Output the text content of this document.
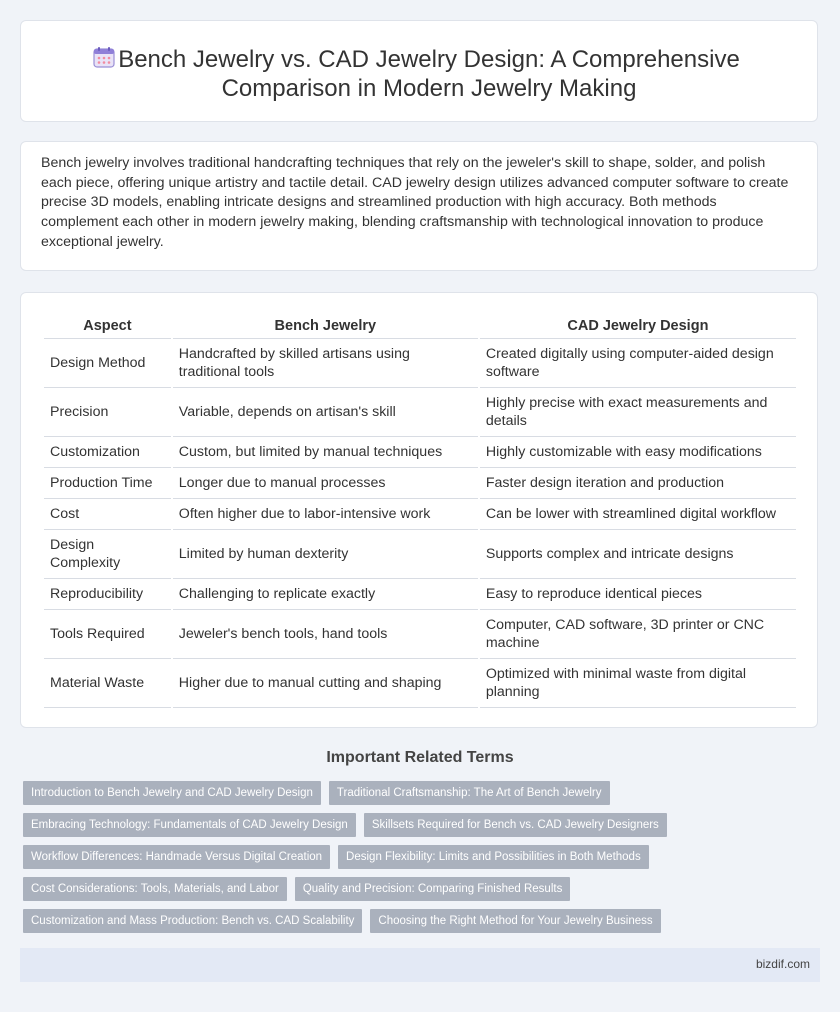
Bench Jewelry vs. CAD Jewelry Design: A Comprehensive Comparison in Modern Jewelry Making

Bench jewelry involves traditional handcrafting techniques that rely on the jeweler's skill to shape, solder, and polish each piece, offering unique artistry and tactile detail. CAD jewelry design utilizes advanced computer software to create precise 3D models, enabling intricate designs and streamlined production with high accuracy. Both methods complement each other in modern jewelry making, blending craftsmanship with technological innovation to produce exceptional jewelry.

Aspect	Bench Jewelry	CAD Jewelry Design
Design Method	Handcrafted by skilled artisans using traditional tools	Created digitally using computer-aided design software
Precision	Variable, depends on artisan's skill	Highly precise with exact measurements and details
Customization	Custom, but limited by manual techniques	Highly customizable with easy modifications
Production Time	Longer due to manual processes	Faster design iteration and production
Cost	Often higher due to labor-intensive work	Can be lower with streamlined digital workflow
Design Complexity	Limited by human dexterity	Supports complex and intricate designs
Reproducibility	Challenging to replicate exactly	Easy to reproduce identical pieces
Tools Required	Jeweler's bench tools, hand tools	Computer, CAD software, 3D printer or CNC machine
Material Waste	Higher due to manual cutting and shaping	Optimized with minimal waste from digital planning
Important Related Terms
Introduction to Bench Jewelry and CAD Jewelry Design	Traditional Craftsmanship: The Art of Bench Jewelry
Embracing Technology: Fundamentals of CAD Jewelry Design	Skillsets Required for Bench vs. CAD Jewelry Designers
Workflow Differences: Handmade Versus Digital Creation	Design Flexibility: Limits and Possibilities in Both Methods
Cost Considerations: Tools, Materials, and Labor	Quality and Precision: Comparing Finished Results
Customization and Mass Production: Bench vs. CAD Scalability	Choosing the Right Method for Your Jewelry Business
bizdif.com
